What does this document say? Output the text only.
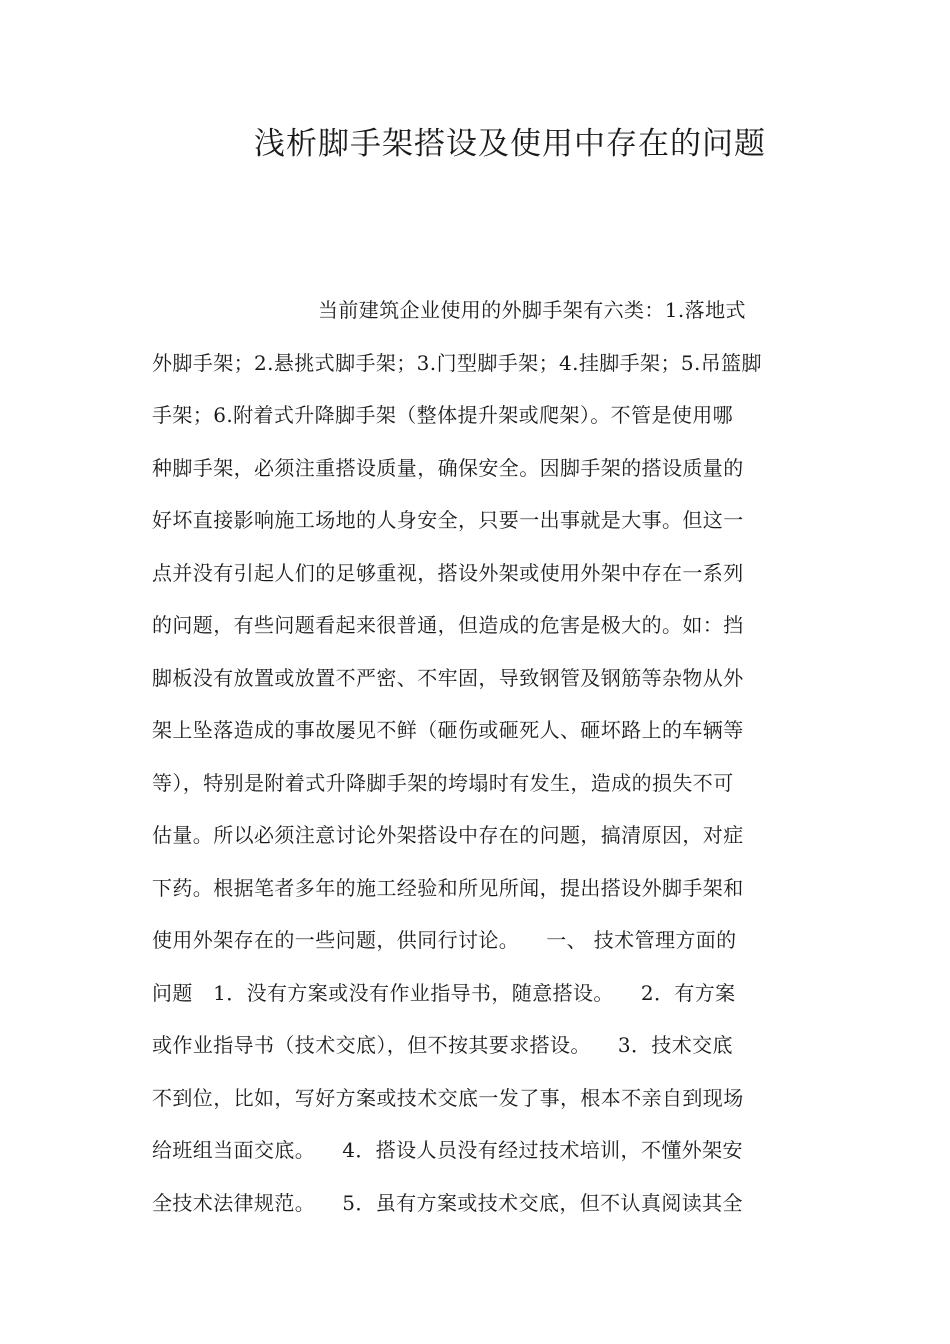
浅析脚手架搭设及使用中存在的问题
当前建筑企业使用的外脚手架有六类：1.落地式
外脚手架；2.悬挑式脚手架；3.门型脚手架；4.挂脚手架；5.吊篮脚
手架；6.附着式升降脚手架（整体提升架或爬架）。不管是使用哪
种脚手架，必须注重搭设质量，确保安全。因脚手架的搭设质量的
好坏直接影响施工场地的人身安全，只要一出事就是大事。但这一
点并没有引起人们的足够重视，搭设外架或使用外架中存在一系列
的问题，有些问题看起来很普通，但造成的危害是极大的。如：挡
脚板没有放置或放置不严密、不牢固，导致钢管及钢筋等杂物从外
架上坠落造成的事故屡见不鲜（砸伤或砸死人、砸坏路上的车辆等
等），特别是附着式升降脚手架的垮塌时有发生，造成的损失不可
估量。所以必须注意讨论外架搭设中存在的问题，搞清原因，对症
下药。根据笔者多年的施工经验和所见所闻，提出搭设外脚手架和
使用外架存在的一些问题，供同行讨论。    一、 技术管理方面的
问题   1．没有方案或没有作业指导书，随意搭设。    2．有方案
或作业指导书（技术交底），但不按其要求搭设。    3．技术交底
不到位，比如，写好方案或技术交底一发了事，根本不亲自到现场
给班组当面交底。    4．搭设人员没有经过技术培训，不懂外架安
全技术法律规范。    5．虽有方案或技术交底，但不认真阅读其全
